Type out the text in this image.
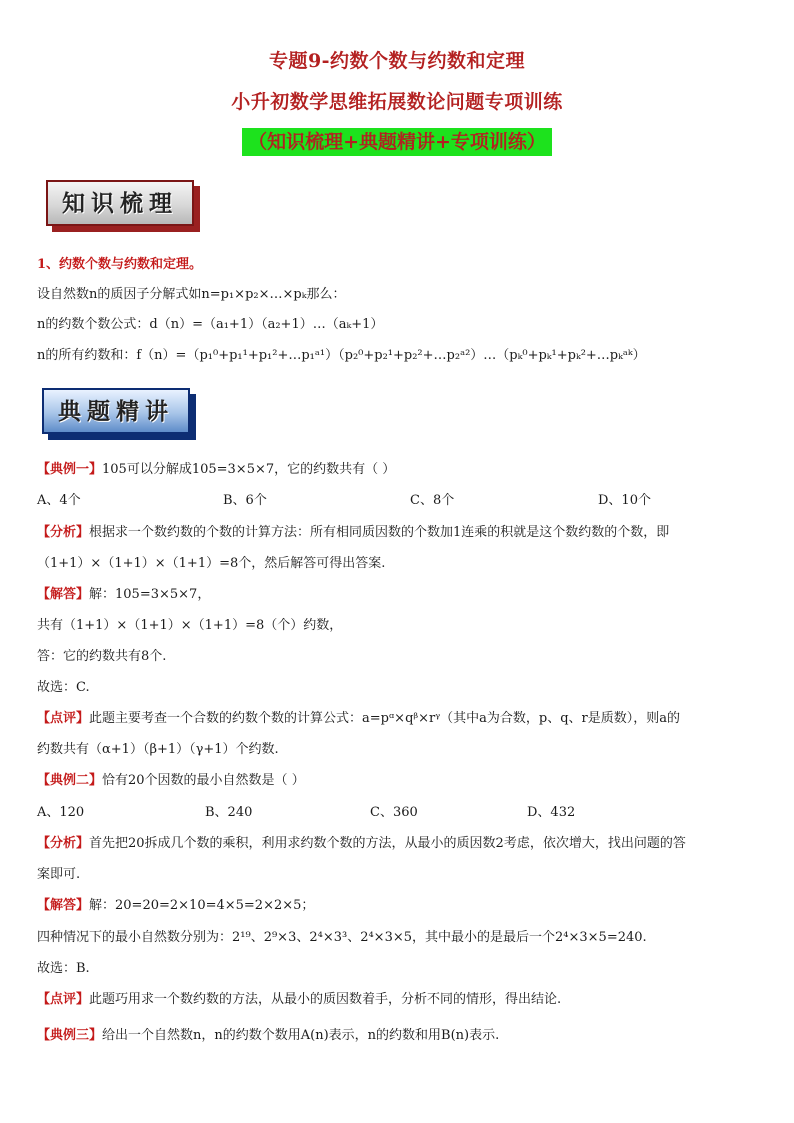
专题9-约数个数与约数和定理
小升初数学思维拓展数论问题专项训练
（知识梳理+典题精讲+专项训练）
知识梳理
1、约数个数与约数和定理。
设自然数n的质因子分解式如n=p₁×p₂×…×pₖ那么：
n的约数个数公式：d（n）=（a₁+1）（a₂+1）…（aₖ+1）
n的所有约数和：f（n）=（p₁⁰+p₁¹+p₁²+…p₁ᵃ¹）（p₂⁰+p₂¹+p₂²+…p₂ᵃ²）…（pₖ⁰+pₖ¹+pₖ²+…pₖᵃᵏ）
典题精讲
【典例一】105可以分解成105=3×5×7，它的约数共有（ ）
A、4个	B、6个	C、8个	D、10个
【分析】根据求一个数约数的个数的计算方法：所有相同质因数的个数加1连乘的积就是这个数约数的个数，即
（1+1）×（1+1）×（1+1）=8个，然后解答可得出答案.
【解答】解：105=3×5×7，
共有（1+1）×（1+1）×（1+1）=8（个）约数，
答：它的约数共有8个.
故选：C.
【点评】此题主要考查一个合数的约数个数的计算公式：a=pᵅ×qᵝ×rᵞ（其中a为合数，p、q、r是质数），则a的
约数共有（α+1）（β+1）（γ+1）个约数.
【典例二】恰有20个因数的最小自然数是（ ）
A、120	B、240	C、360	D、432
【分析】首先把20拆成几个数的乘积，利用求约数个数的方法，从最小的质因数2考虑，依次增大，找出问题的答
案即可.
【解答】解：20=20=2×10=4×5=2×2×5；
四种情况下的最小自然数分别为：2¹⁹、2⁹×3、2⁴×3³、2⁴×3×5，其中最小的是最后一个2⁴×3×5=240.
故选：B.
【点评】此题巧用求一个数约数的方法，从最小的质因数着手，分析不同的情形，得出结论.
【典例三】给出一个自然数n，n的约数个数用A(n)表示，n的约数和用B(n)表示.
